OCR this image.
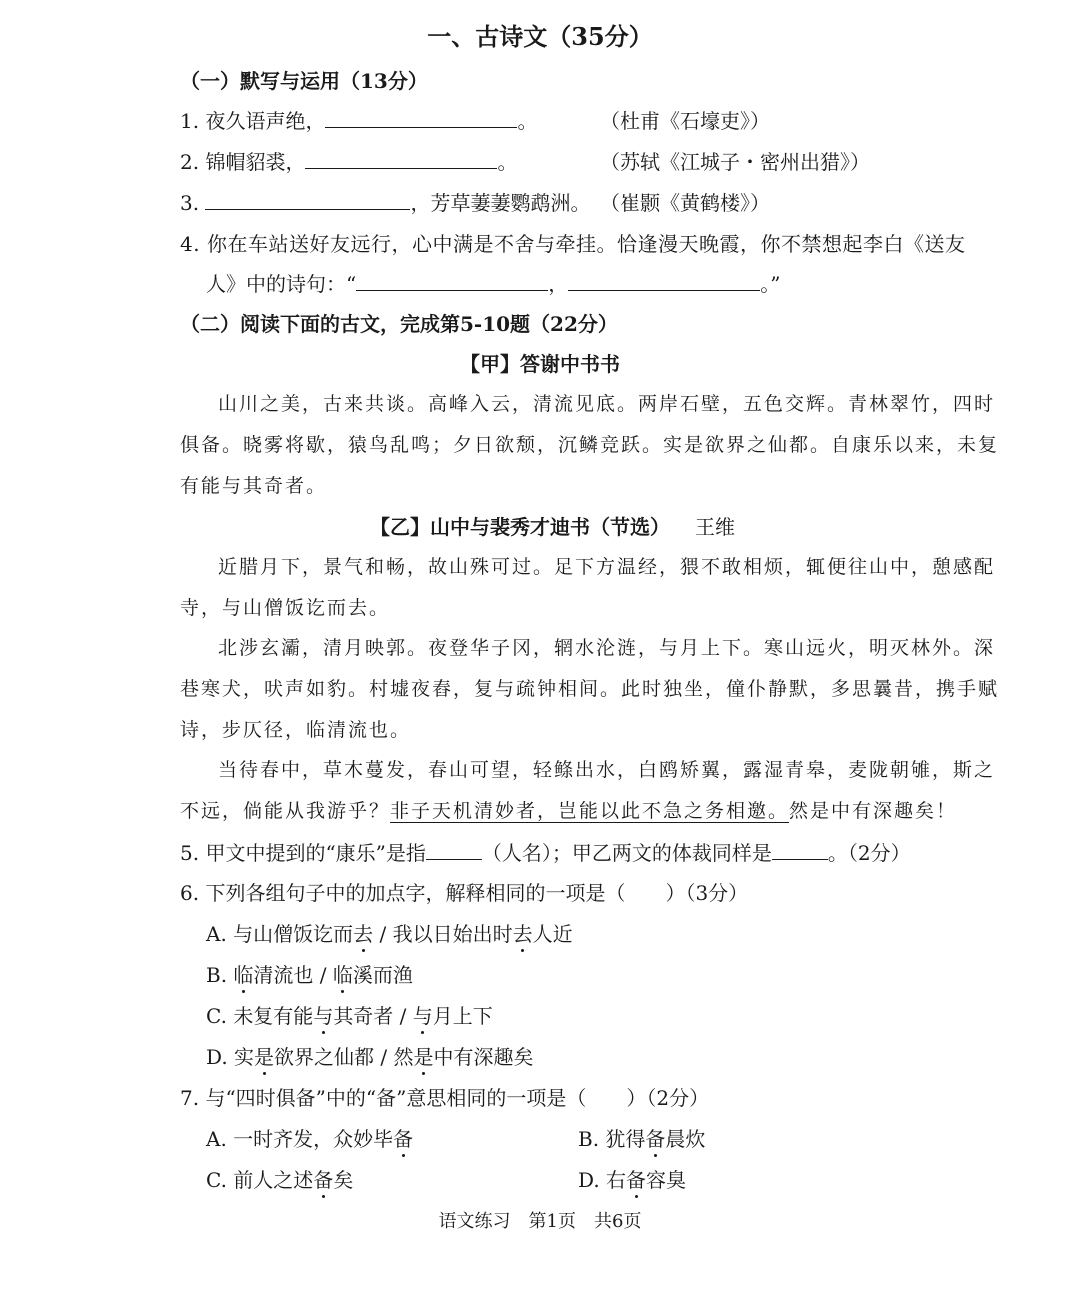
一、古诗文（35分）
（一）默写与运用（13分）
1. 夜久语声绝，	。	（杜甫《石壕吏》）
2. 锦帽貂裘，	。	（苏轼《江城子・密州出猎》）
3.	，芳草萋萋鹦鹉洲。 （崔颢《黄鹤楼》）
4. 你在车站送好友远行，心中满是不舍与牵挂。恰逢漫天晚霞，你不禁想起李白《送友
人》中的诗句：“	，	。”
（二）阅读下面的古文，完成第5-10题（22分）
【甲】答谢中书书
山川之美，古来共谈。高峰入云，清流见底。两岸石壁，五色交辉。青林翠竹，四时
俱备。晓雾将歇，猿鸟乱鸣；夕日欲颓，沉鳞竞跃。实是欲界之仙都。自康乐以来，未复
有能与其奇者。
【乙】山中与裴秀才迪书（节选） 王维
近腊月下，景气和畅，故山殊可过。足下方温经，猥不敢相烦，辄便往山中，憩感配
寺，与山僧饭讫而去。
北涉玄灞，清月映郭。夜登华子冈，辋水沦涟，与月上下。寒山远火，明灭林外。深
巷寒犬，吠声如豹。村墟夜舂，复与疏钟相间。此时独坐，僮仆静默，多思曩昔，携手赋
诗，步仄径，临清流也。
当待春中，草木蔓发，春山可望，轻鲦出水，白鸥矫翼，露湿青皋，麦陇朝雊，斯之
不远，倘能从我游乎？非子天机清妙者，岂能以此不急之务相邀。然是中有深趣矣！
5. 甲文中提到的“康乐”是指	（人名）；甲乙两文的体裁同样是	。（2分）
6. 下列各组句子中的加点字，解释相同的一项是（　　）（3分）
A. 与山僧饭讫而去 / 我以日始出时去人近
B. 临清流也 / 临溪而渔
C. 未复有能与其奇者 / 与月上下
D. 实是欲界之仙都 / 然是中有深趣矣
7. 与“四时俱备”中的“备”意思相同的一项是（　　）（2分）
A. 一时齐发，众妙毕备	B. 犹得备晨炊
C. 前人之述备矣	D. 右备容臭
语文练习　第1页　共6页
